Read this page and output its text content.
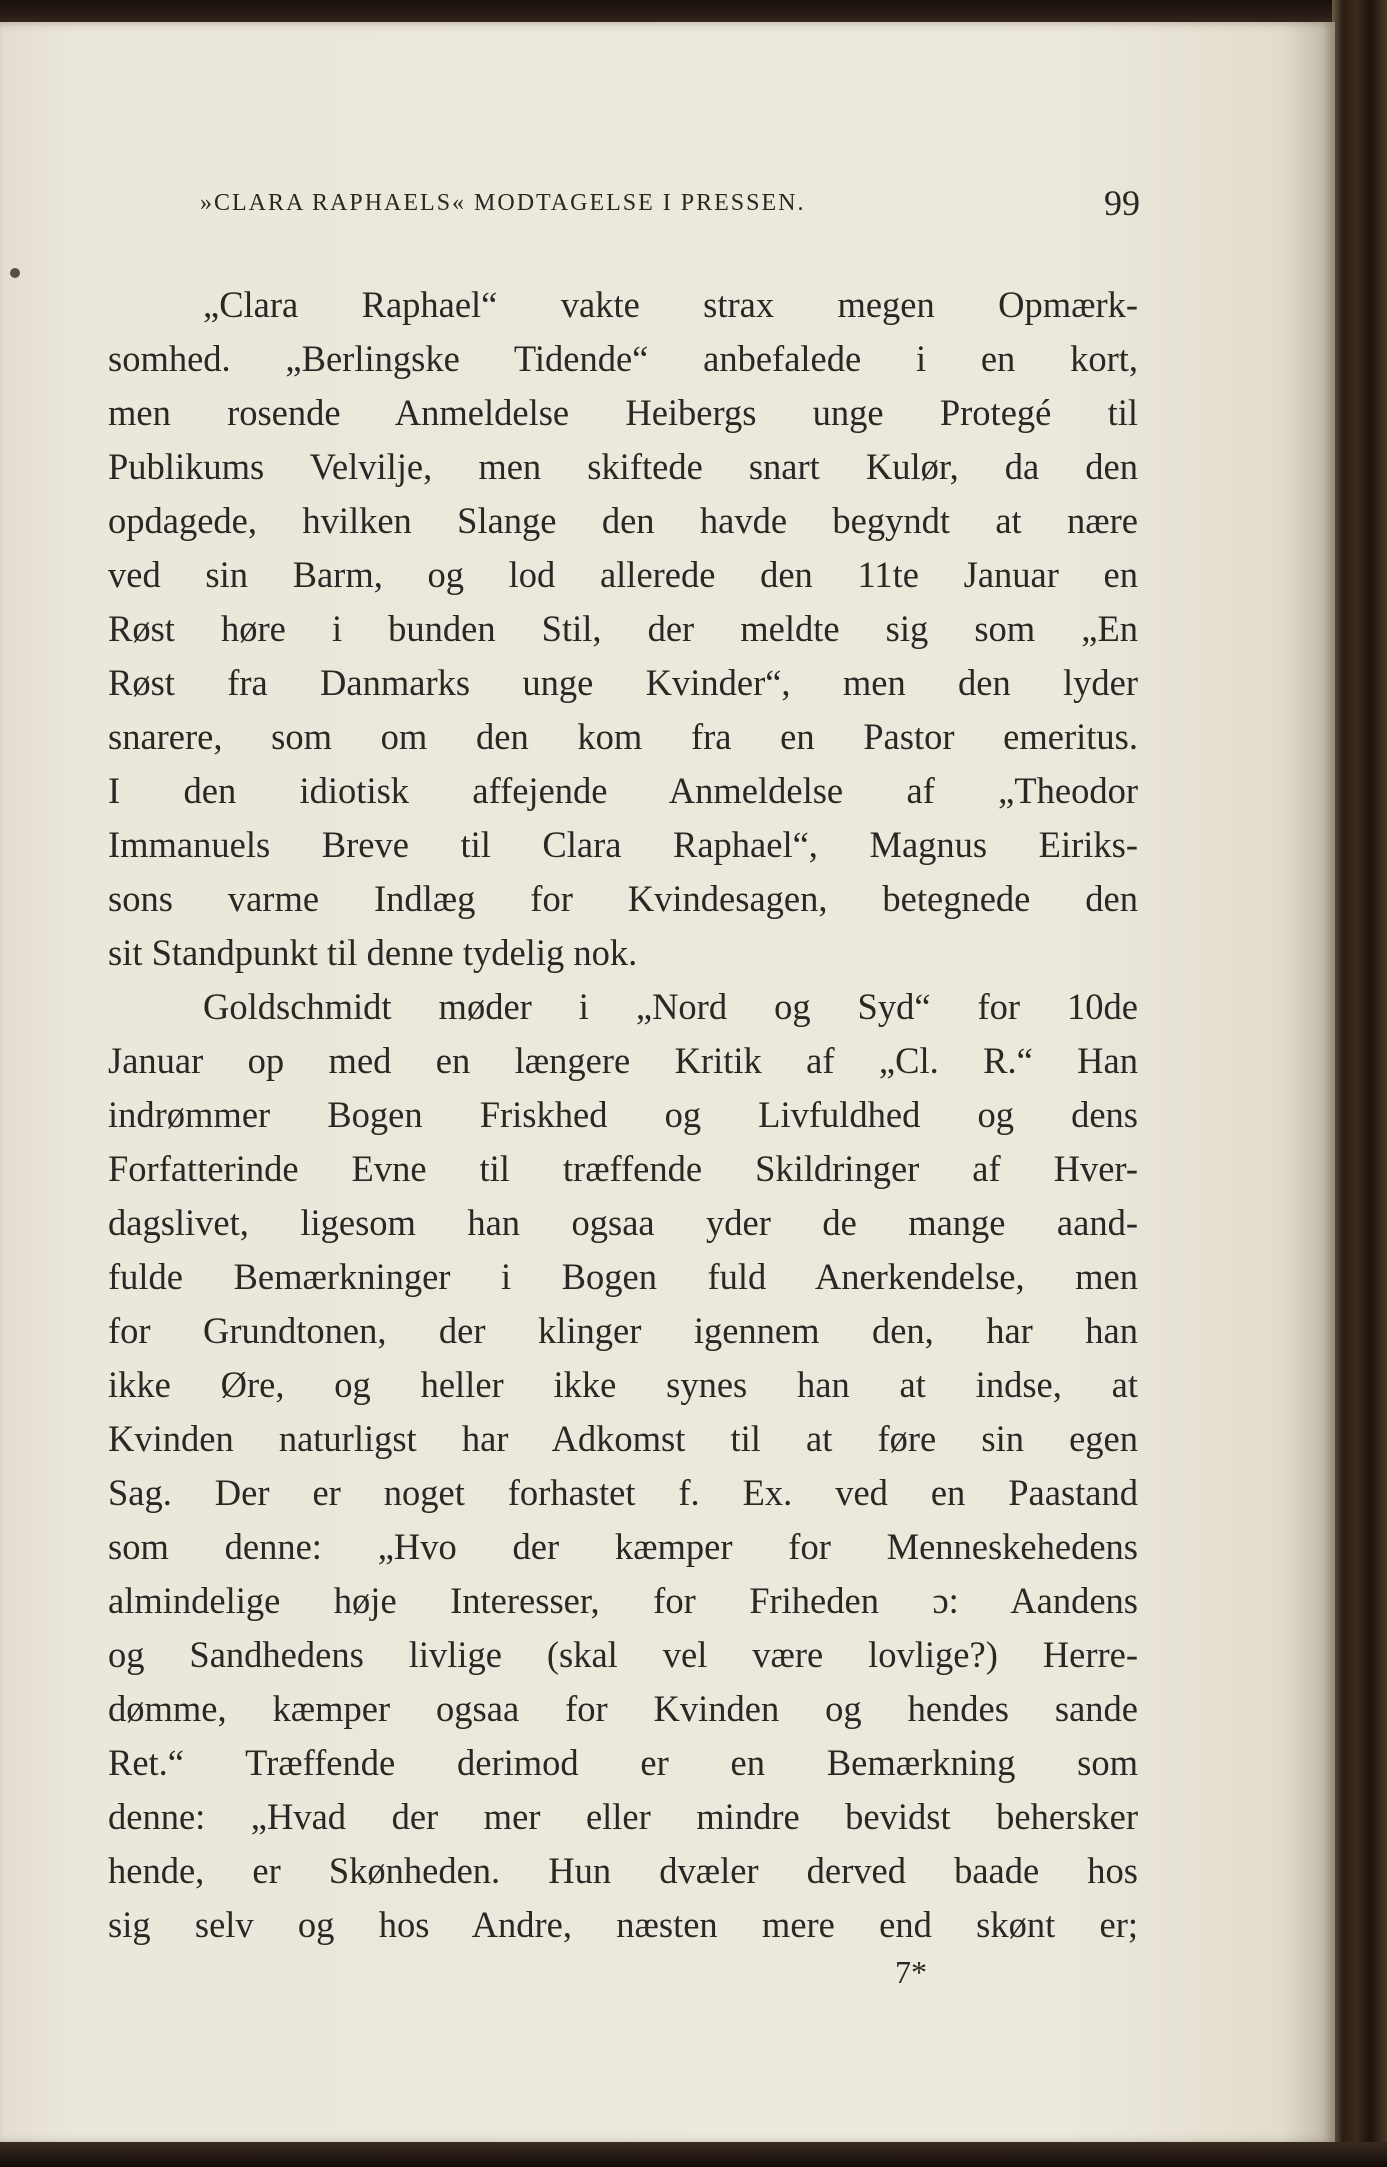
»CLARA RAPHAELS« MODTAGELSE I PRESSEN.	99
„Clara Raphael“ vakte strax megen Opmærk-
somhed. „Berlingske Tidende“ anbefalede i en kort,
men rosende Anmeldelse Heibergs unge Protegé til
Publikums Velvilje, men skiftede snart Kulør, da den
opdagede, hvilken Slange den havde begyndt at nære
ved sin Barm, og lod allerede den 11te Januar en
Røst høre i bunden Stil, der meldte sig som „En
Røst fra Danmarks unge Kvinder“, men den lyder
snarere, som om den kom fra en Pastor emeritus.
I den idiotisk affejende Anmeldelse af „Theodor
Immanuels Breve til Clara Raphael“, Magnus Eiriks-
sons varme Indlæg for Kvindesagen, betegnede den
sit Standpunkt til denne tydelig nok.
Goldschmidt møder i „Nord og Syd“ for 10de
Januar op med en længere Kritik af „Cl. R.“ Han
indrømmer Bogen Friskhed og Livfuldhed og dens
Forfatterinde Evne til træffende Skildringer af Hver-
dagslivet, ligesom han ogsaa yder de mange aand-
fulde Bemærkninger i Bogen fuld Anerkendelse, men
for Grundtonen, der klinger igennem den, har han
ikke Øre, og heller ikke synes han at indse, at
Kvinden naturligst har Adkomst til at føre sin egen
Sag. Der er noget forhastet f. Ex. ved en Paastand
som denne: „Hvo der kæmper for Menneskehedens
almindelige høje Interesser, for Friheden ɔ: Aandens
og Sandhedens livlige (skal vel være lovlige?) Herre-
dømme, kæmper ogsaa for Kvinden og hendes sande
Ret.“ Træffende derimod er en Bemærkning som
denne: „Hvad der mer eller mindre bevidst behersker
hende, er Skønheden. Hun dvæler derved baade hos
sig selv og hos Andre, næsten mere end skønt er;
7*
